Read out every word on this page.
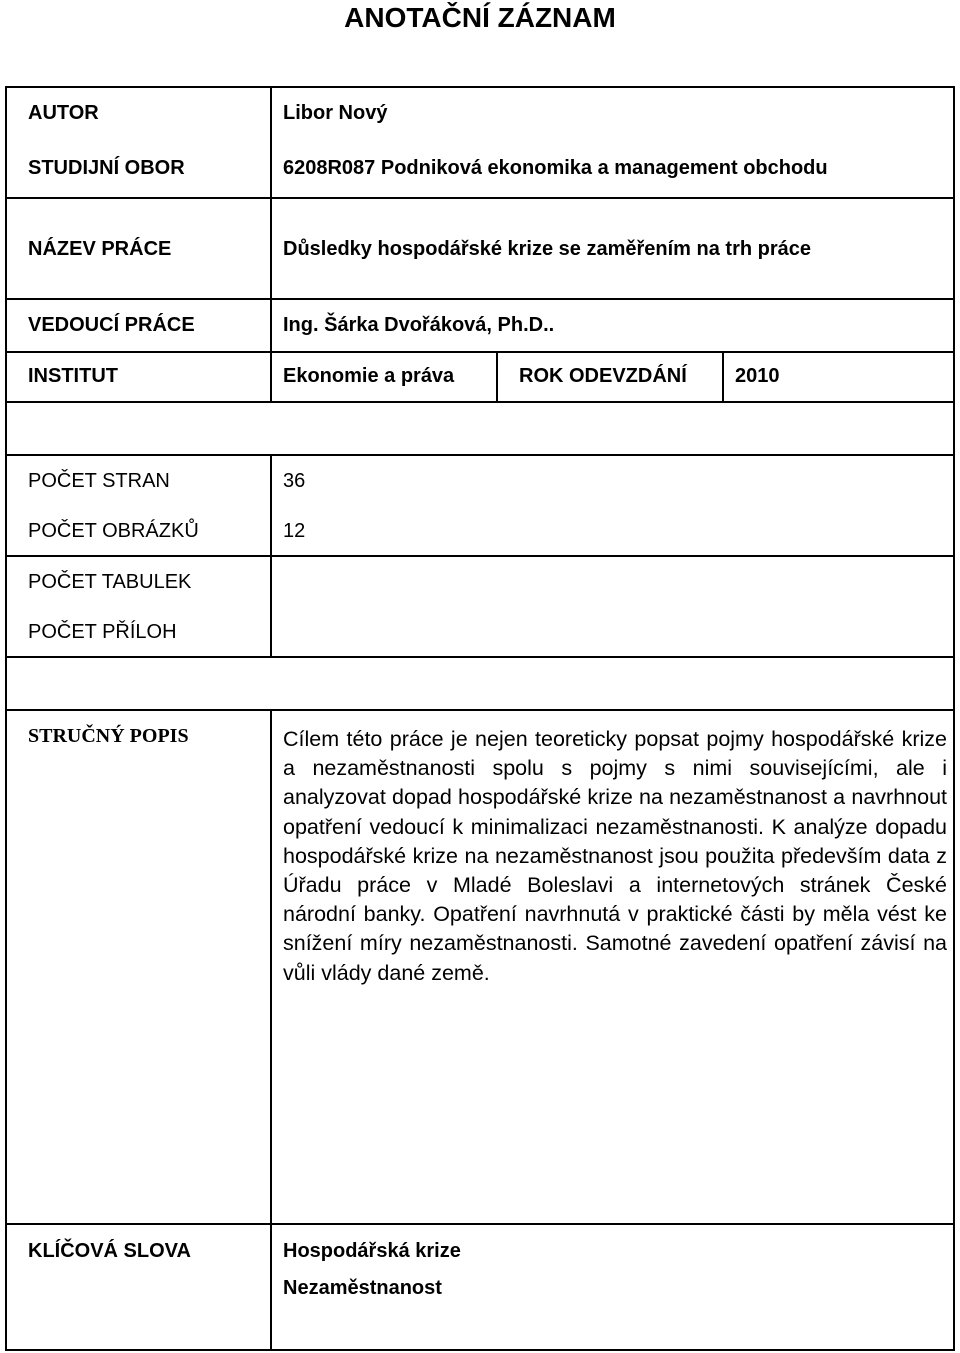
ANOTAČNÍ ZÁZNAM
AUTOR	Libor Nový
STUDIJNÍ OBOR	6208R087 Podniková ekonomika a management obchodu
NÁZEV PRÁCE	Důsledky hospodářské krize se zaměřením na trh práce
VEDOUCÍ PRÁCE	Ing. Šárka Dvořáková, Ph.D..
INSTITUT	Ekonomie a práva	ROK ODEVZDÁNÍ 2010
POČET STRAN	36
POČET OBRÁZKŮ	12
POČET TABULEK
POČET PŘÍLOH
STRUČNÝ POPIS	Cílem této práce je nejen teoreticky popsat pojmy hospodářské krize a nezaměstnanosti spolu s pojmy s nimi souvisejícími, ale i analyzovat dopad hospodářské krize na nezaměstnanost a navrhnout opatření vedoucí k minimalizaci nezaměstnanosti. K analýze dopadu hospodářské krize na nezaměstnanost jsou použita především data z Úřadu práce v Mladé Boleslavi a internetových stránek České národní banky. Opatření navrhnutá v praktické části by měla vést ke snížení míry nezaměstnanosti. Samotné zavedení opatření závisí na vůli vlády dané země.
KLÍČOVÁ SLOVA	Hospodářská krize
Nezaměstnanost
